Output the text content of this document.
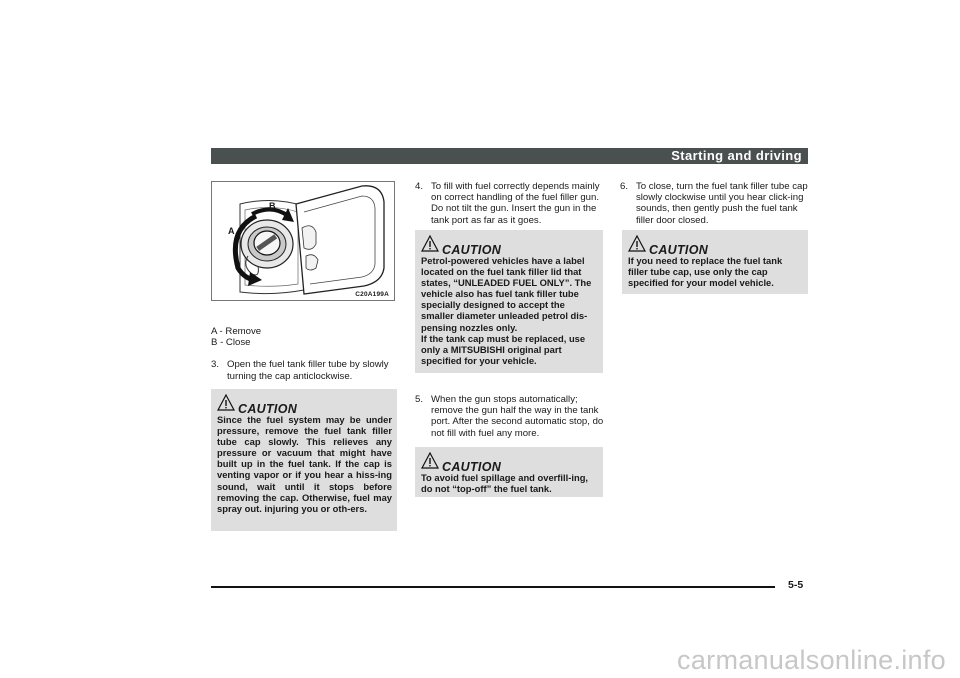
Starting and driving
A
B
C20A199A

A - Remove

B - Close

3. Open the fuel tank filler tube by slowly turning the cap anticlockwise.

CAUTION

Since the fuel system may be under pressure, remove the fuel tank filler tube cap slowly. This relieves any pressure or vacuum that might have built up in the fuel tank. If the cap is venting vapor or if you hear a hiss-ing sound, wait until it stops before removing the cap. Otherwise, fuel may spray out. injuring you or oth-ers.

4. To fill with fuel correctly depends mainly on correct handling of the fuel filler gun. Do not tilt the gun. Insert the gun in the tank port as far as it goes.

CAUTION

Petrol-powered vehicles have a label located on the fuel tank filler lid that states, “UNLEADED FUEL ONLY”. The vehicle also has fuel tank filler tube specially designed to accept the smaller diameter unleaded petrol dis-pensing nozzles only.

If the tank cap must be replaced, use only a MITSUBISHI original part specified for your vehicle.

5. When the gun stops automatically; remove the gun half the way in the tank port. After the second automatic stop, do not fill with fuel any more.

CAUTION

To avoid fuel spillage and overfill-ing, do not “top-off” the fuel tank.

6. To close, turn the fuel tank filler tube cap slowly clockwise until you hear click-ing sounds, then gently push the fuel tank filler door closed.

CAUTION

If you need to replace the fuel tank filler tube cap, use only the cap specified for your model vehicle.

5-5
carmanualsonline.info
